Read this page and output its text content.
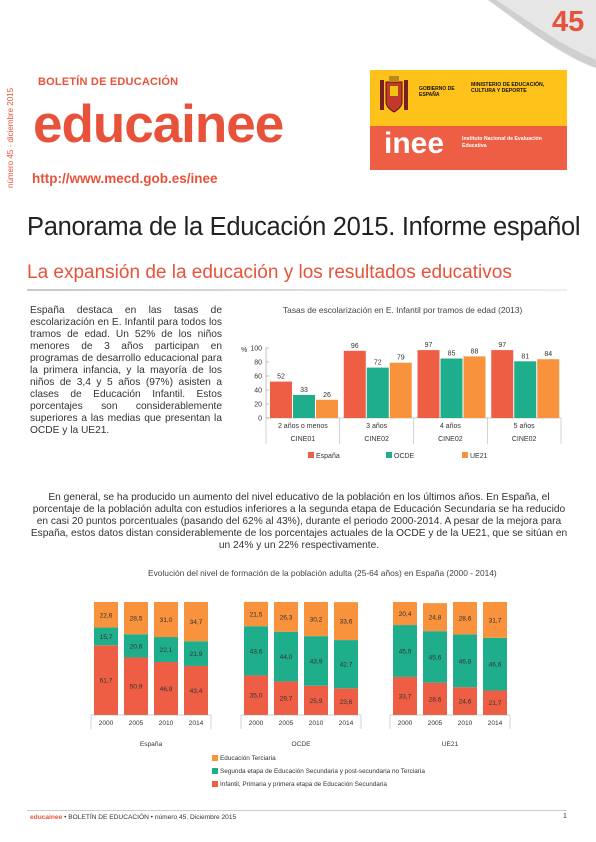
45
número 45 · diciembre 2015
BOLETÍN DE EDUCACIÓN
educainee
http://www.mecd.gob.es/inee
GOBIERNO DE ESPAÑA
MINISTERIO DE EDUCACIÓN, CULTURA Y DEPORTE
inee	Instituto Nacional de Evaluación Educativa
Panorama de la Educación 2015. Informe español
La expansión de la educación y los resultados educativos
España destaca en las tasas de escolarización en E. Infantil para todos los tramos de edad. Un 52% de los niños menores de 3 años participan en programas de desarrollo educacional para la primera infancia, y la mayoría de los niños de 3,4 y 5 años (97%) asisten a clases de Educación Infantil. Estos porcentajes son considerablemente superiores a las medias que presentan la OCDE y la UE21.
Tasas de escolarización en E. Infantil por tramos de edad (2013)
%
0
20
40
60
80
100
52
33
26
2 años o menos
CINE01
96
72
79
3 años
CINE02
97
85 88
4 años
CINE02
97
81 84
5 años
CINE02
España	OCDE	UE21
En general, se ha producido un aumento del nivel educativo de la población en los últimos años. En España, el porcentaje de la población adulta con estudios inferiores a la segunda etapa de Educación Secundaria se ha reducido en casi 20 puntos porcentuales (pasando del 62% al 43%), durante el periodo 2000-2014. A pesar de la mejora para España, estos datos distan considerablemente de los porcentajes actuales de la OCDE y de la UE21, que se sitúan en un 24% y un 22% respectivamente.
Evolución del nivel de formación de la población adulta (25-64 años) en España (2000 - 2014)
61,7
15,7
22,6
2000
50,9
20,6
28,5
2005
46,9
22,1
31,0
2010
43,4
21,9
34,7
2014
España
35,0
43,6
21,5
2000
29,7
44,0
26,3
2005
25,9
43,9
30,2
2010
23,6
42,7
33,6
2014
OCDE
33,7
45,9
20,4
2000
28,6
45,6
24,8
2005
24,6
46,8
28,6
2010
21,7
46,6
31,7
2014
UE21
Educación Terciaria
Segunda etapa de Educación Secundaria y post-secundaria no Terciaria
Infantil, Primaria y primera etapa de Educación Secundaria
educainee • BOLETÍN DE EDUCACIÓN • número 45. Diciembre 2015	1
